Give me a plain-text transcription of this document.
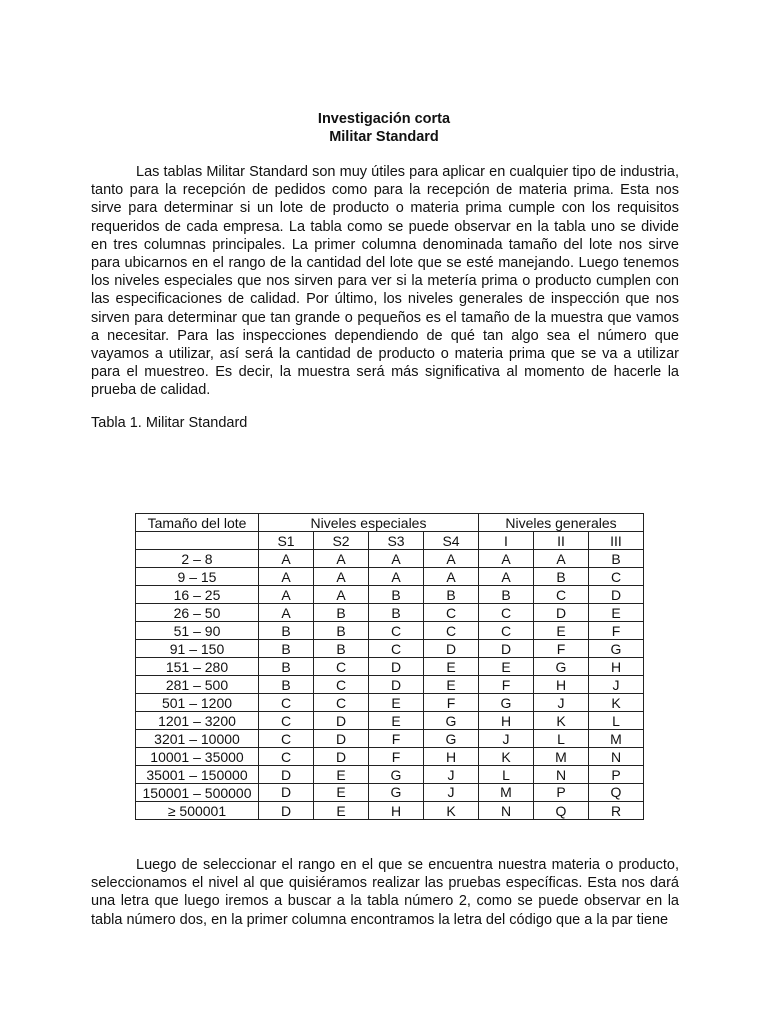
Investigación corta
Militar Standard
Las tablas Militar Standard son muy útiles para aplicar en cualquier tipo de industria, tanto para la recepción de pedidos como para la recepción de materia prima. Esta nos sirve para determinar si un lote de producto o materia prima cumple con los requisitos requeridos de cada empresa. La tabla como se puede observar en la tabla uno se divide en tres columnas principales. La primer columna denominada tamaño del lote nos sirve para ubicarnos en el rango de la cantidad del lote que se esté manejando. Luego tenemos los niveles especiales que nos sirven para ver si la metería prima o producto cumplen con las especificaciones de calidad. Por último, los niveles generales de inspección que nos sirven para determinar que tan grande o pequeños es el tamaño de la muestra que vamos a necesitar. Para las inspecciones dependiendo de qué tan algo sea el número que vayamos a utilizar, así será la cantidad de producto o materia prima que se va a utilizar para el muestreo. Es decir, la muestra será más significativa al momento de hacerle la prueba de calidad.
Tabla 1. Militar Standard
Tamaño del lote	Niveles especiales				Niveles generales		
	S1	S2	S3	S4	I	II	III
2 – 8	A	A	A	A	A	A	B
9 – 15	A	A	A	A	A	B	C
16 – 25	A	A	B	B	B	C	D
26 – 50	A	B	B	C	C	D	E
51 – 90	B	B	C	C	C	E	F
91 – 150	B	B	C	D	D	F	G
151 – 280	B	C	D	E	E	G	H
281 – 500	B	C	D	E	F	H	J
501 – 1200	C	C	E	F	G	J	K
1201 – 3200	C	D	E	G	H	K	L
3201 – 10000	C	D	F	G	J	L	M
10001 – 35000	C	D	F	H	K	M	N
35001 – 150000	D	E	G	J	L	N	P
150001 – 500000	D	E	G	J	M	P	Q
≥ 500001	D	E	H	K	N	Q	R
Luego de seleccionar el rango en el que se encuentra nuestra materia o producto, seleccionamos el nivel al que quisiéramos realizar las pruebas específicas. Esta nos dará una letra que luego iremos a buscar a la tabla número 2, como se puede observar en la tabla número dos, en la primer columna encontramos la letra del código que a la par tiene
